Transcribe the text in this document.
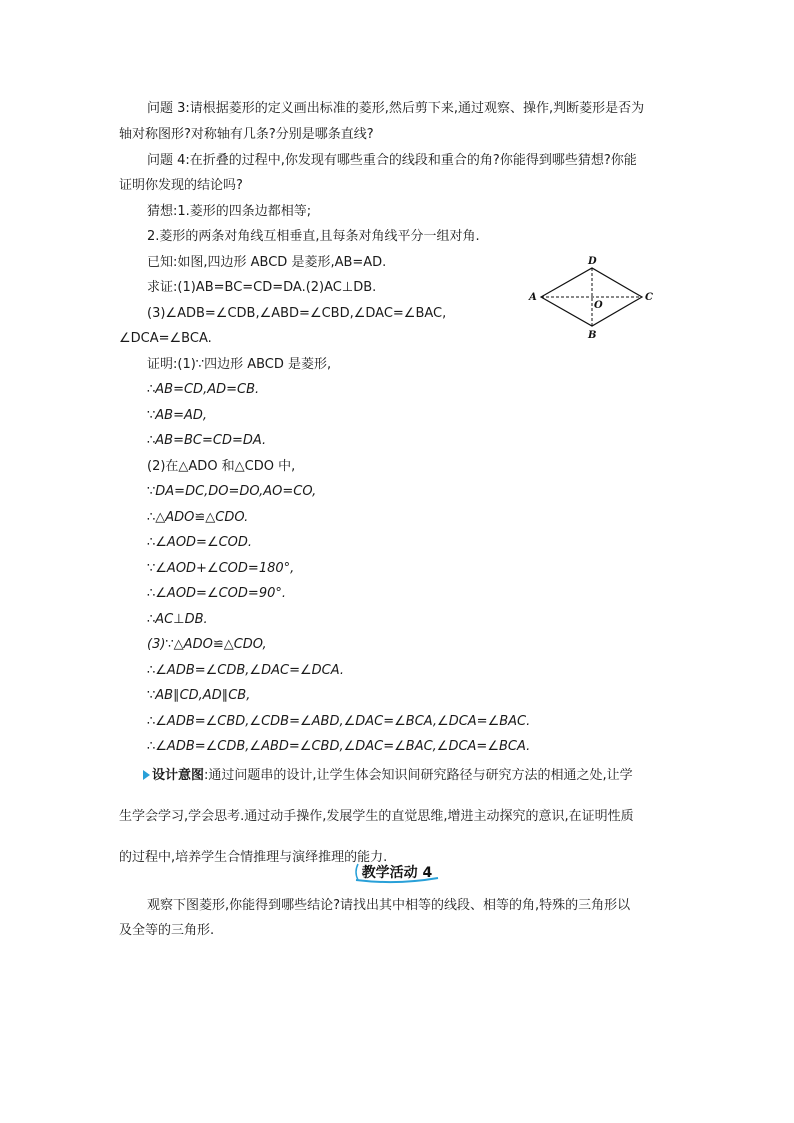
问题 3:请根据菱形的定义画出标准的菱形,然后剪下来,通过观察、操作,判断菱形是否为
轴对称图形?对称轴有几条?分别是哪条直线?
问题 4:在折叠的过程中,你发现有哪些重合的线段和重合的角?你能得到哪些猜想?你能
证明你发现的结论吗?
猜想:1.菱形的四条边都相等;
2.菱形的两条对角线互相垂直,且每条对角线平分一组对角.
已知:如图,四边形 ABCD 是菱形,AB=AD.
求证:(1)AB=BC=CD=DA.(2)AC⊥DB.
(3)∠ADB=∠CDB,∠ABD=∠CBD,∠DAC=∠BAC,
∠DCA=∠BCA.
A	C
D
B
O
证明:(1)∵四边形 ABCD 是菱形,
∴AB=CD,AD=CB.
∵AB=AD,
∴AB=BC=CD=DA.
(2)在△ADO 和△CDO 中,
∵DA=DC,DO=DO,AO=CO,
∴△ADO≌△CDO.
∴∠AOD=∠COD.
∵∠AOD+∠COD=180°,
∴∠AOD=∠COD=90°.
∴AC⊥DB.
(3)∵△ADO≌△CDO,
∴∠ADB=∠CDB,∠DAC=∠DCA.
∵AB∥CD,AD∥CB,
∴∠ADB=∠CBD,∠CDB=∠ABD,∠DAC=∠BCA,∠DCA=∠BAC.
∴∠ADB=∠CDB,∠ABD=∠CBD,∠DAC=∠BAC,∠DCA=∠BCA.
设计意图:通过问题串的设计,让学生体会知识间研究路径与研究方法的相通之处,让学
生学会学习,学会思考.通过动手操作,发展学生的直觉思维,增进主动探究的意识,在证明性质
的过程中,培养学生合情推理与演绎推理的能力.
教学活动 4
观察下图菱形,你能得到哪些结论?请找出其中相等的线段、相等的角,特殊的三角形以
及全等的三角形.
